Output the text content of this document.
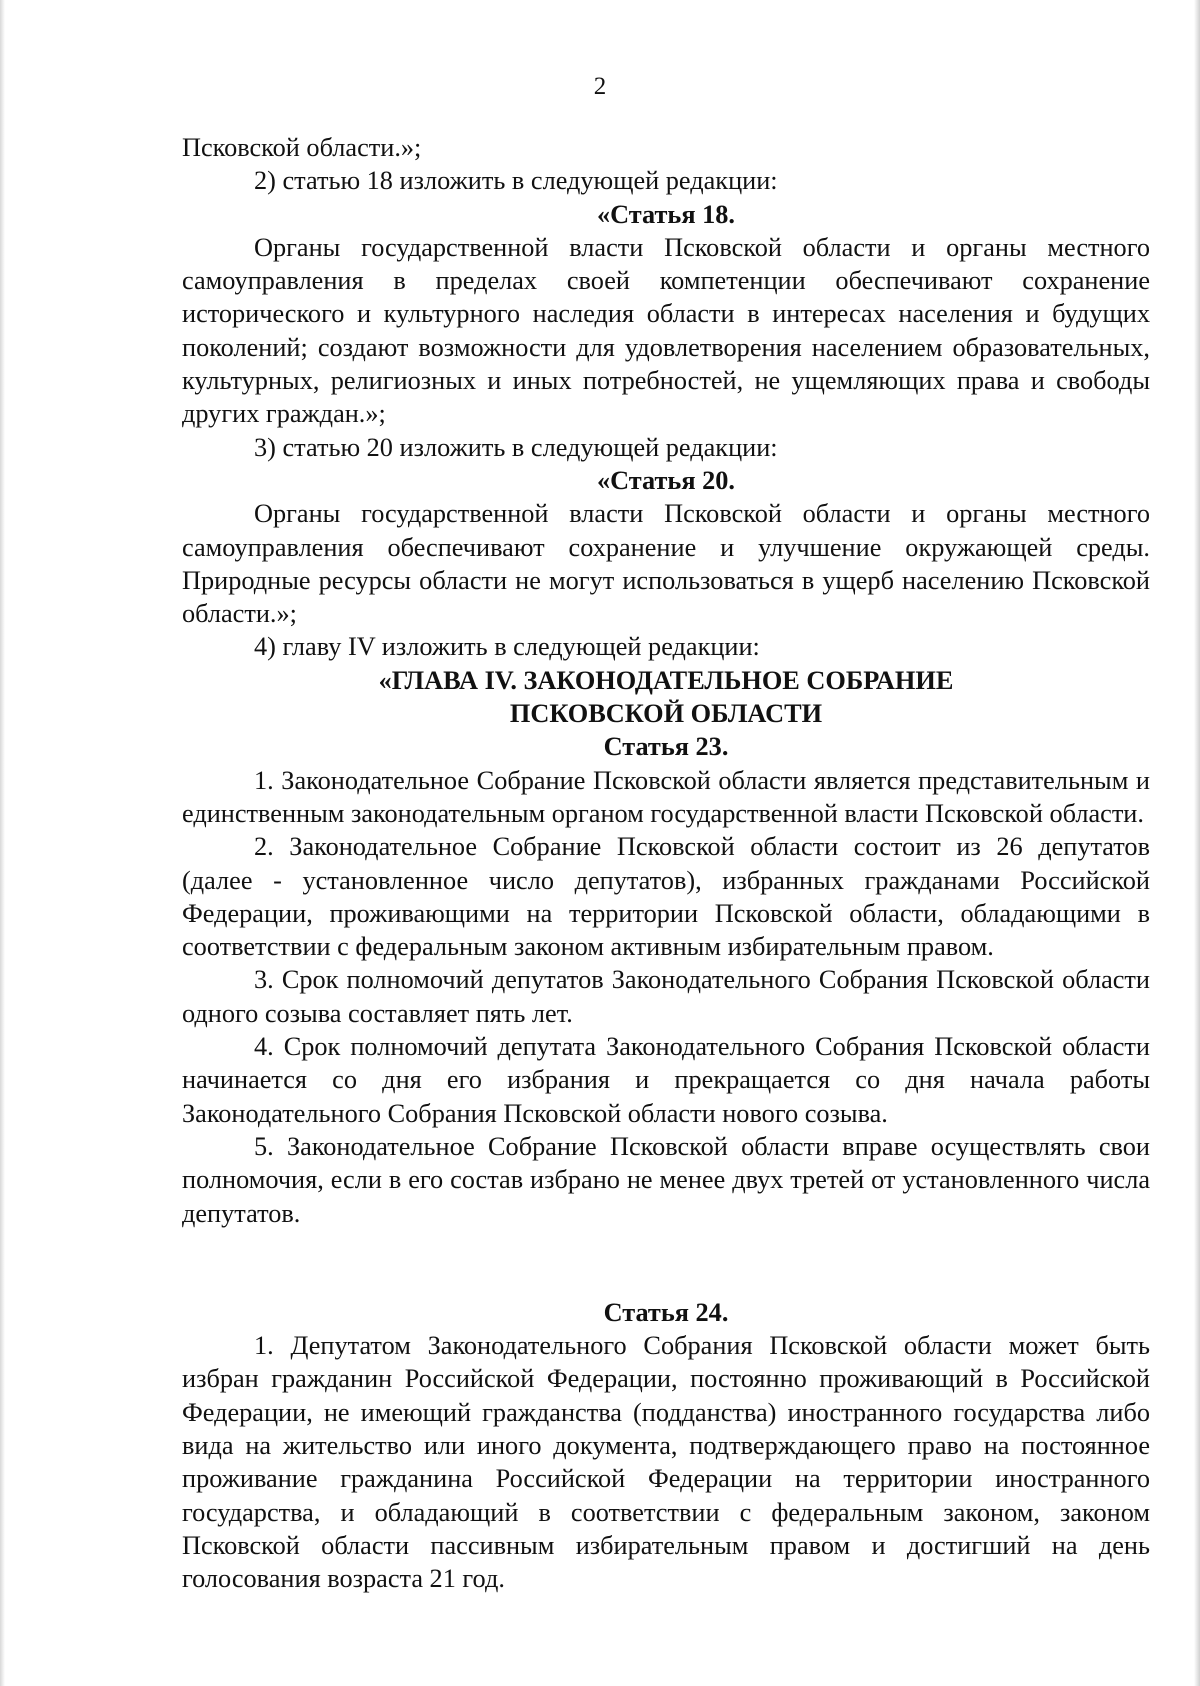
2

Псковской области.»;

2) статью 18 изложить в следующей редакции:

«Статья 18.

Органы государственной власти Псковской области и органы местного самоуправления в пределах своей компетенции обеспечивают сохранение исторического и культурного наследия области в интересах населения и будущих поколений; создают возможности для удовлетворения населением образовательных, культурных, религиозных и иных потребностей, не ущемляющих права и свободы других граждан.»;

3) статью 20 изложить в следующей редакции:

«Статья 20.

Органы государственной власти Псковской области и органы местного самоуправления обеспечивают сохранение и улучшение окружающей среды. Природные ресурсы области не могут использоваться в ущерб населению Псковской области.»;

4) главу IV изложить в следующей редакции:

«ГЛАВА IV. ЗАКОНОДАТЕЛЬНОЕ СОБРАНИЕ

ПСКОВСКОЙ ОБЛАСТИ

Статья 23.

1. Законодательное Собрание Псковской области является представительным и единственным законодательным органом государственной власти Псковской области.

2. Законодательное Собрание Псковской области состоит из 26 депутатов (далее - установленное число депутатов), избранных гражданами Российской Федерации, проживающими на территории Псковской области, обладающими в соответствии с федеральным законом активным избирательным правом.

3. Срок полномочий депутатов Законодательного Собрания Псковской области одного созыва составляет пять лет.

4. Срок полномочий депутата Законодательного Собрания Псковской области начинается со дня его избрания и прекращается со дня начала работы Законодательного Собрания Псковской области нового созыва.

5. Законодательное Собрание Псковской области вправе осуществлять свои полномочия, если в его состав избрано не менее двух третей от установленного числа депутатов.

Статья 24.

1. Депутатом Законодательного Собрания Псковской области может быть избран гражданин Российской Федерации, постоянно проживающий в Российской Федерации, не имеющий гражданства (подданства) иностранного государства либо вида на жительство или иного документа, подтверждающего право на постоянное проживание гражданина Российской Федерации на территории иностранного государства, и обладающий в соответствии с федеральным законом, законом Псковской области пассивным избирательным правом и достигший на день голосования возраста 21 год.
